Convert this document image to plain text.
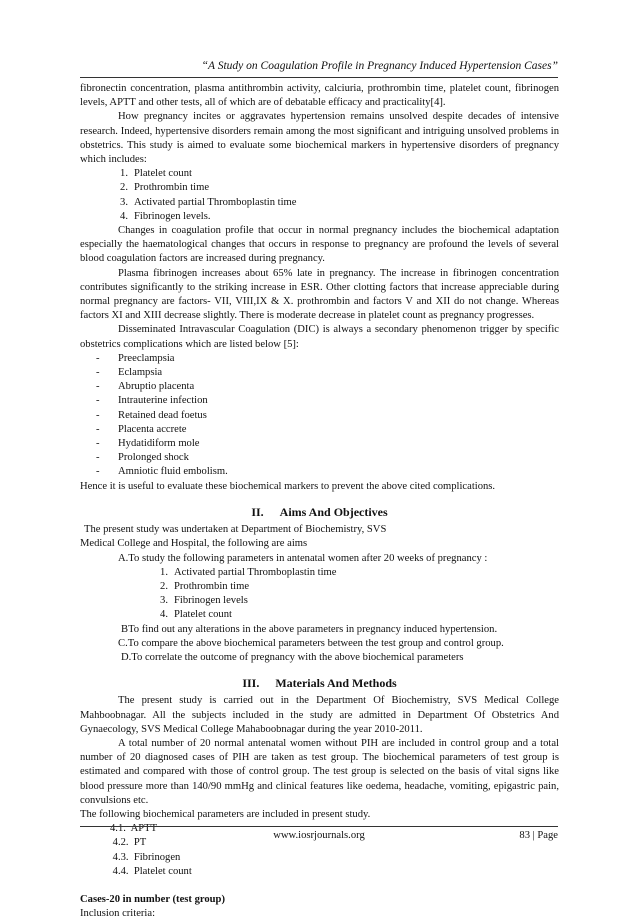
“A Study on Coagulation Profile in Pregnancy Induced Hypertension Cases”

fibronectin concentration, plasma antithrombin activity, calciuria, prothrombin time, platelet count, fibrinogen levels, APTT and other tests, all of which are of debatable efficacy and practicality[4].

How pregnancy incites or aggravates hypertension remains unsolved despite decades of intensive research. Indeed, hypertensive disorders remain among the most significant and intriguing unsolved problems in obstetrics. This study is aimed to evaluate some biochemical markers in hypertensive disorders of pregnancy which includes:

1. Platelet count
2. Prothrombin time
3. Activated partial Thromboplastin time
4. Fibrinogen levels.

Changes in coagulation profile that occur in normal pregnancy includes the biochemical adaptation especially the haematological changes that occurs in response to pregnancy are profound the levels of several blood coagulation factors are increased during pregnancy.

Plasma fibrinogen increases about 65% late in pregnancy. The increase in fibrinogen concentration contributes significantly to the striking increase in ESR. Other clotting factors that increase appreciable during normal pregnancy are factors- VII, VIII,IX & X. prothrombin and factors V and XII do not change. Whereas factors XI and XIII decrease slightly. There is moderate decrease in platelet count as pregnancy progresses.

Disseminated Intravascular Coagulation (DIC) is always a secondary phenomenon trigger by specific obstetrics complications which are listed below [5]:

- Preeclampsia
- Eclampsia
- Abruptio placenta
- Intrauterine infection
- Retained dead foetus
- Placenta accrete
- Hydatidiform mole
- Prolonged shock
- Amniotic fluid embolism.

Hence it is useful to evaluate these biochemical markers to prevent the above cited complications.

II. Aims And Objectives

The present study was undertaken at Department of Biochemistry, SVS

Medical College and Hospital, the following are aims

A.To study the following parameters in antenatal women after 20 weeks of pregnancy :

1. Activated partial Thromboplastin time
2. Prothrombin time
3. Fibrinogen levels
4. Platelet count

BTo find out any alterations in the above parameters in pregnancy induced hypertension.

C.To compare the above biochemical parameters between the test group and control group.

D.To correlate the outcome of pregnancy with the above biochemical parameters

III. Materials And Methods

The present study is carried out in the Department Of Biochemistry, SVS Medical College Mahboobnagar. All the subjects included in the study are admitted in Department Of Obstetrics And Gynaecology, SVS Medical College Mahaboobnagar during the year 2010-2011.

A total number of 20 normal antenatal women without PIH are included in control group and a total number of 20 diagnosed cases of PIH are taken as test group. The biochemical parameters of test group is estimated and compared with those of control group. The test group is selected on the basis of vital signs like blood pressure more than 140/90 mmHg and clinical features like oedema, headache, vomiting, epigastric pain, convulsions etc.

The following biochemical parameters are included in present study.

4.1.  APTT
4.2.  PT
4.3.  Fibrinogen
4.4.  Platelet count

Cases-20 in number (test group)

Inclusion criteria:

www.iosrjournals.org	83 | Page
